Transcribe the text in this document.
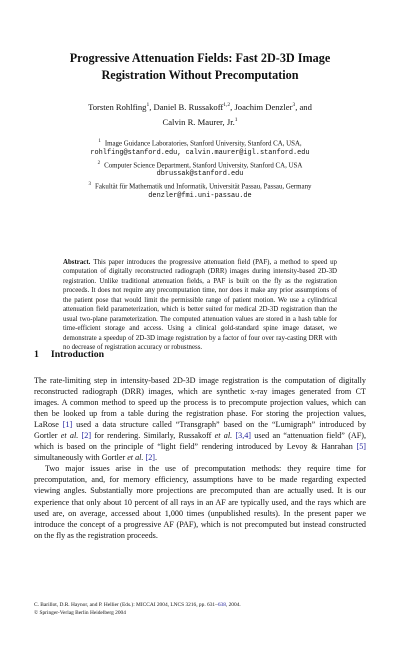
Progressive Attenuation Fields: Fast 2D-3D Image
Registration Without Precomputation
Torsten Rohlfing$^1$, Daniel B. Russakoff$^{1,2}$, Joachim Denzler$^3$, and
Calvin R. Maurer, Jr.$^1$
$^1$ Image Guidance Laboratories, Stanford University, Stanford CA, USA,
rohlfing@stanford.edu, calvin.maurer@igl.stanford.edu
$^2$ Computer Science Department, Stanford University, Stanford CA, USA
dbrussak@stanford.edu
$^3$ Fakultät für Mathematik und Informatik, Universität Passau, Passau, Germany
denzler@fmi.uni-passau.de
Abstract. This paper introduces the progressive attenuation field (PAF), a method to speed up computation of digitally reconstructed radiograph (DRR) images during intensity-based 2D-3D registration. Unlike traditional attenuation fields, a PAF is built on the fly as the registration proceeds. It does not require any precomputation time, nor does it make any prior assumptions of the patient pose that would limit the permissible range of patient motion. We use a cylindrical attenuation field parameterization, which is better suited for medical 2D-3D registration than the usual two-plane parameterization. The computed attenuation values are stored in a hash table for time-efficient storage and access. Using a clinical gold-standard spine image dataset, we demonstrate a speedup of 2D-3D image registration by a factor of four over ray-casting DRR with no decrease of registration accuracy or robustness.
1 Introduction

The rate-limiting step in intensity-based 2D-3D image registration is the computation of digitally reconstructed radiograph (DRR) images, which are synthetic x-ray images generated from CT images. A common method to speed up the process is to precompute projection values, which can then be looked up from a table during the registration phase. For storing the projection values, LaRose [1] used a data structure called “Transgraph” based on the “Lumigraph” introduced by Gortler et al. [2] for rendering. Similarly, Russakoff et al. [3,4] used an “attenuation field” (AF), which is based on the principle of “light field” rendering introduced by Levoy & Hanrahan [5] simultaneously with Gortler et al. [2].

Two major issues arise in the use of precomputation methods: they require time for precomputation, and, for memory efficiency, assumptions have to be made regarding expected viewing angles. Substantially more projections are precomputed than are actually used. It is our experience that only about 10 percent of all rays in an AF are typically used, and the rays which are used are, on average, accessed about 1,000 times (unpublished results). In the present paper we introduce the concept of a progressive AF (PAF), which is not precomputed but instead constructed on the fly as the registration proceeds.

C. Barillot, D.R. Haynor, and P. Hellier (Eds.): MICCAI 2004, LNCS 3216, pp. 631–638, 2004.
© Springer-Verlag Berlin Heidelberg 2004
